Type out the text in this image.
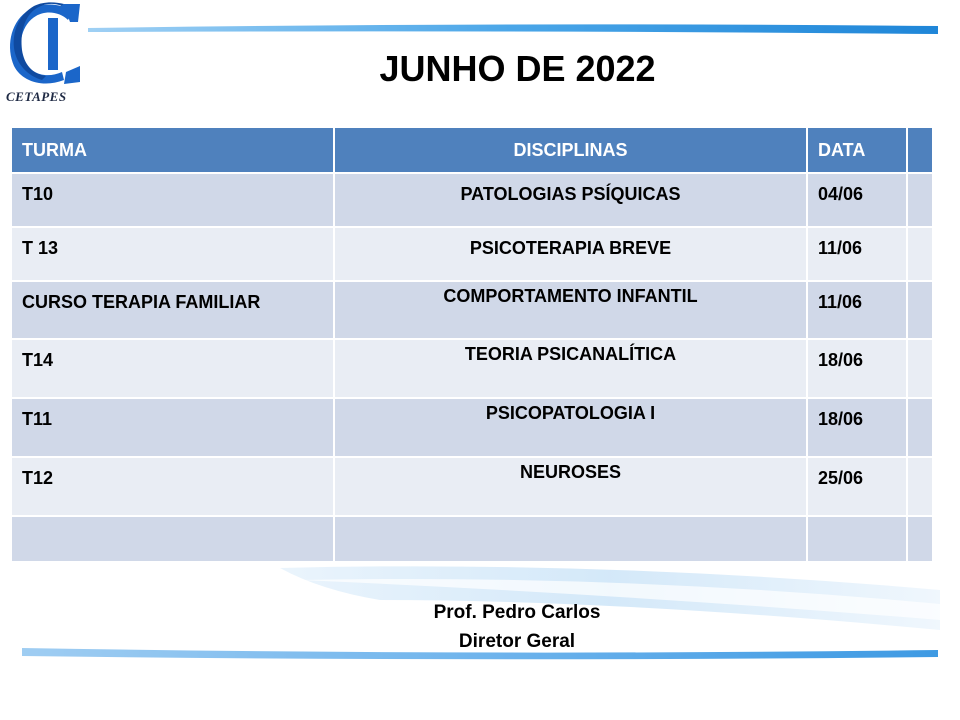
CETAPES
JUNHO DE 2022
TURMA	DISCIPLINAS	DATA	
T10	PATOLOGIAS PSÍQUICAS	04/06	
T 13	PSICOTERAPIA BREVE	11/06	
CURSO TERAPIA FAMILIAR	COMPORTAMENTO INFANTIL	11/06	
T14	TEORIA PSICANALÍTICA	18/06	
T11	PSICOPATOLOGIA I	18/06	
T12	NEUROSES	25/06	

Prof. Pedro Carlos
Diretor Geral
